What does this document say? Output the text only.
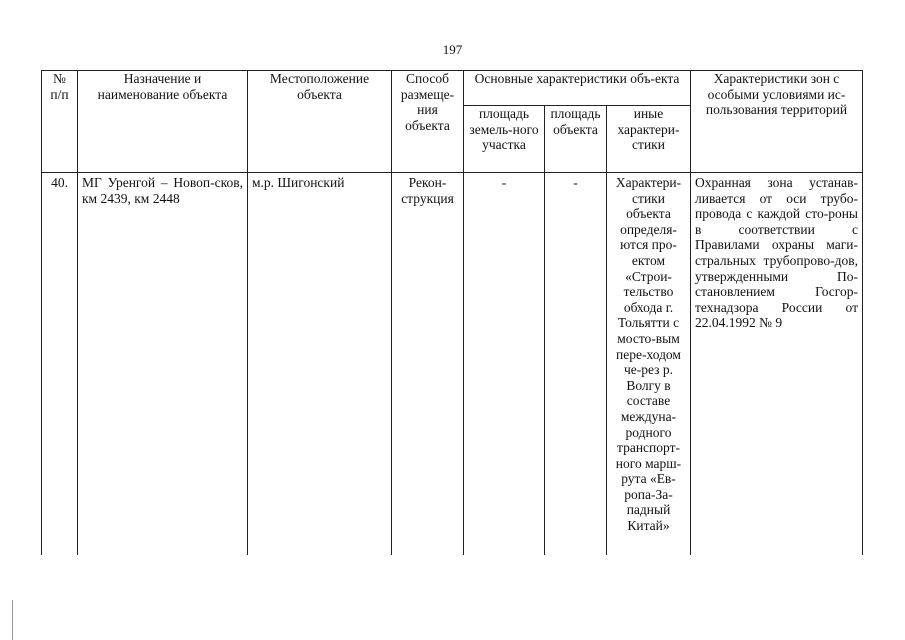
197
№ п/п	Назначение и наименование объекта	Местоположение объекта	Способ размеще-ния объекта	Основные характеристики объ-екта			Характеристики зон с особыми условиями ис-пользования территорий
				площадь земель-ного участка	площадь объекта	иные характери-стики	
40.	МГ Уренгой – Новоп-сков, км 2439, км 2448	м.р. Шигонский	Рекон-струкция	-	-	Характери-стики объекта определя-ются про-ектом «Строи-тельство обхода г. Тольятти с мосто-вым пере-ходом че-рез р. Волгу в составе междуна-родного транспорт-ного марш-рута «Ев-ропа-За-падный Китай»	Охранная зона устанав-ливается от оси трубо-провода с каждой сто-роны в соответствии с Правилами охраны маги-стральных трубопрово-дов, утвержденными По-становлением Госгор-технадзора России от 22.04.1992 № 9
